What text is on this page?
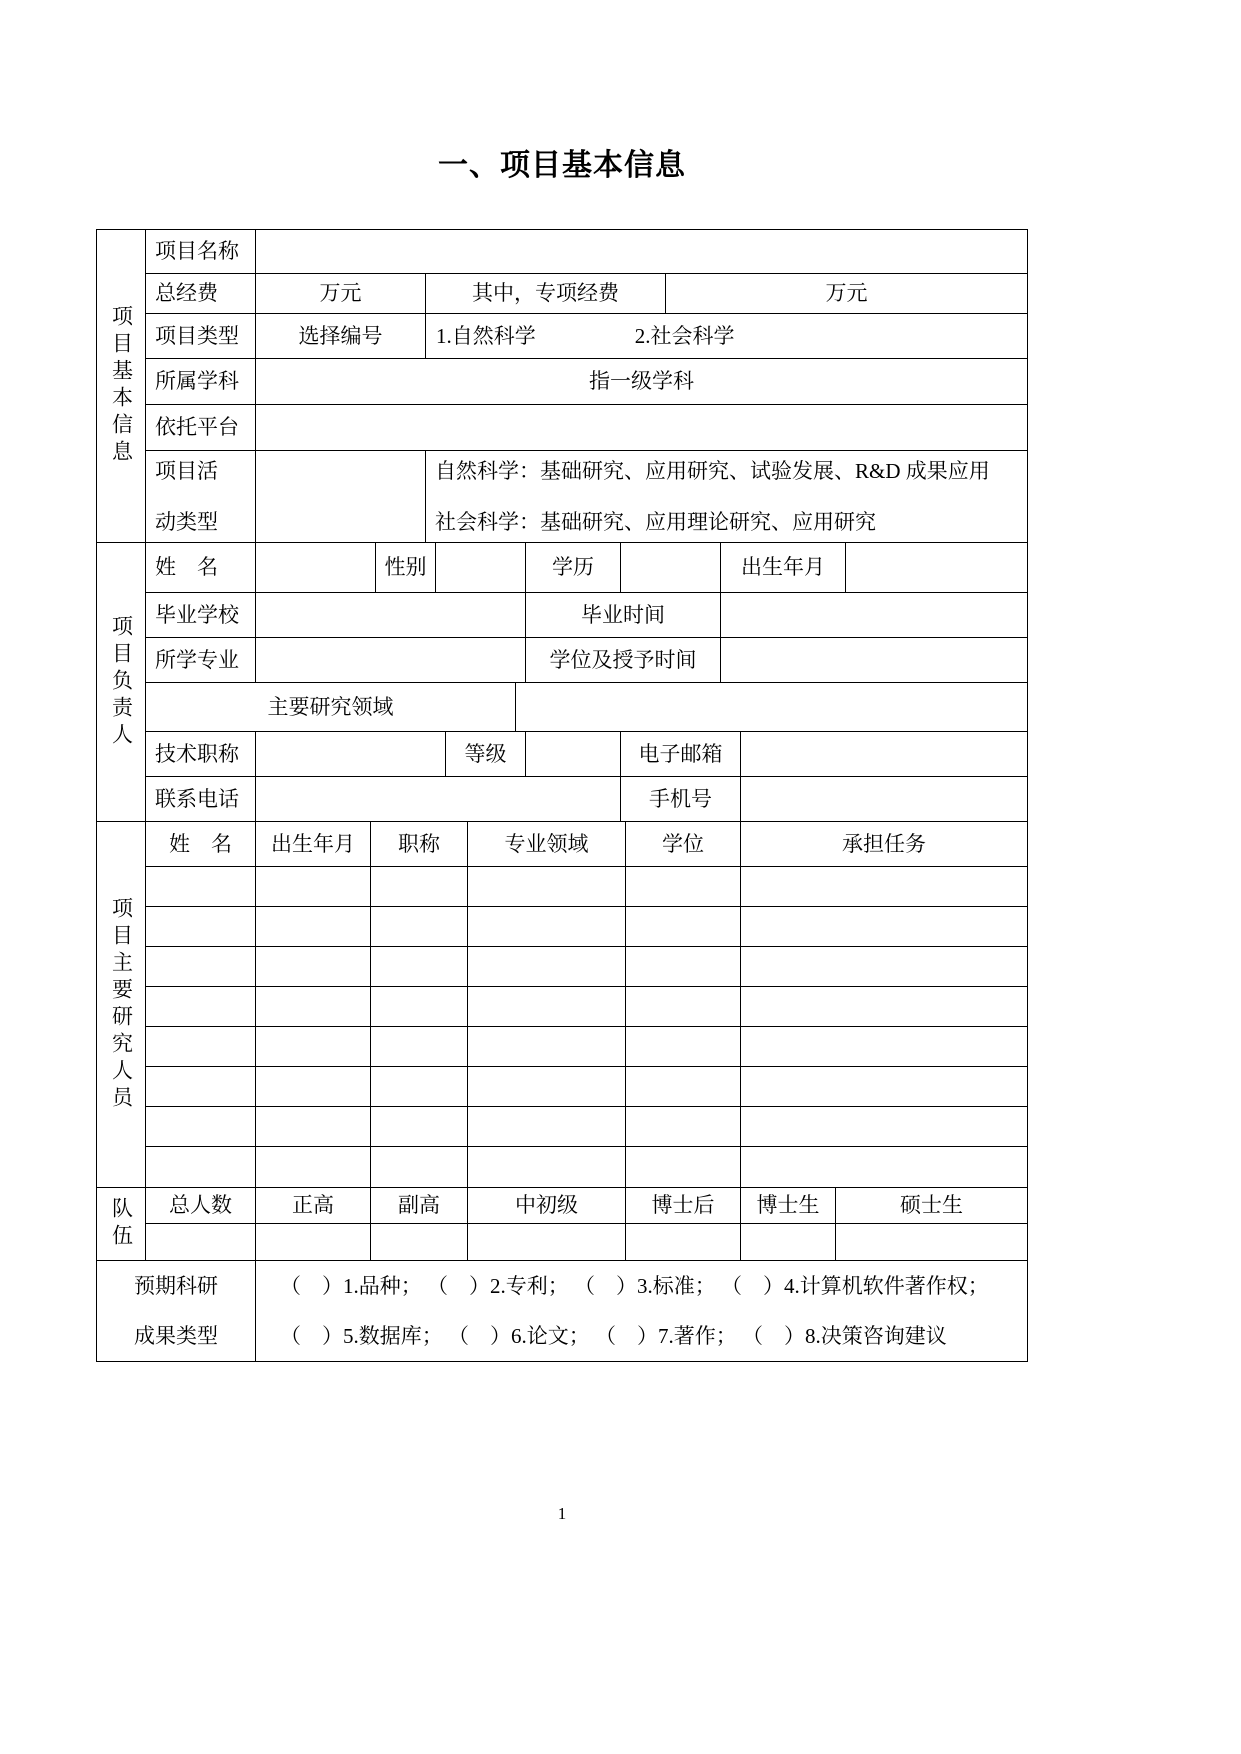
一、项目基本信息
项目基本信息
项目名称
总经费	万元	其中，专项经费	万元
项目类型	选择编号	1.自然科学	2.社会科学
所属学科	指一级学科
依托平台
项目活
动类型
自然科学：基础研究、应用研究、试验发展、R&D 成果应用
社会科学：基础研究、应用理论研究、应用研究
项目负责人
姓　名	性别	学历	出生年月
毕业学校	毕业时间
所学专业	学位及授予时间
主要研究领域
技术职称	等级	电子邮箱
联系电话	手机号
项目主要研究人员
姓　名	出生年月	职称	专业领域	学位	承担任务
队伍	总人数	正高	副高	中初级	博士后	博士生	硕士生
预期科研
成果类型
（　）1.品种； （　）2.专利； （　）3.标准； （　）4.计算机软件著作权；
（　）5.数据库； （　）6.论文； （　）7.著作； （　）8.决策咨询建议
1
